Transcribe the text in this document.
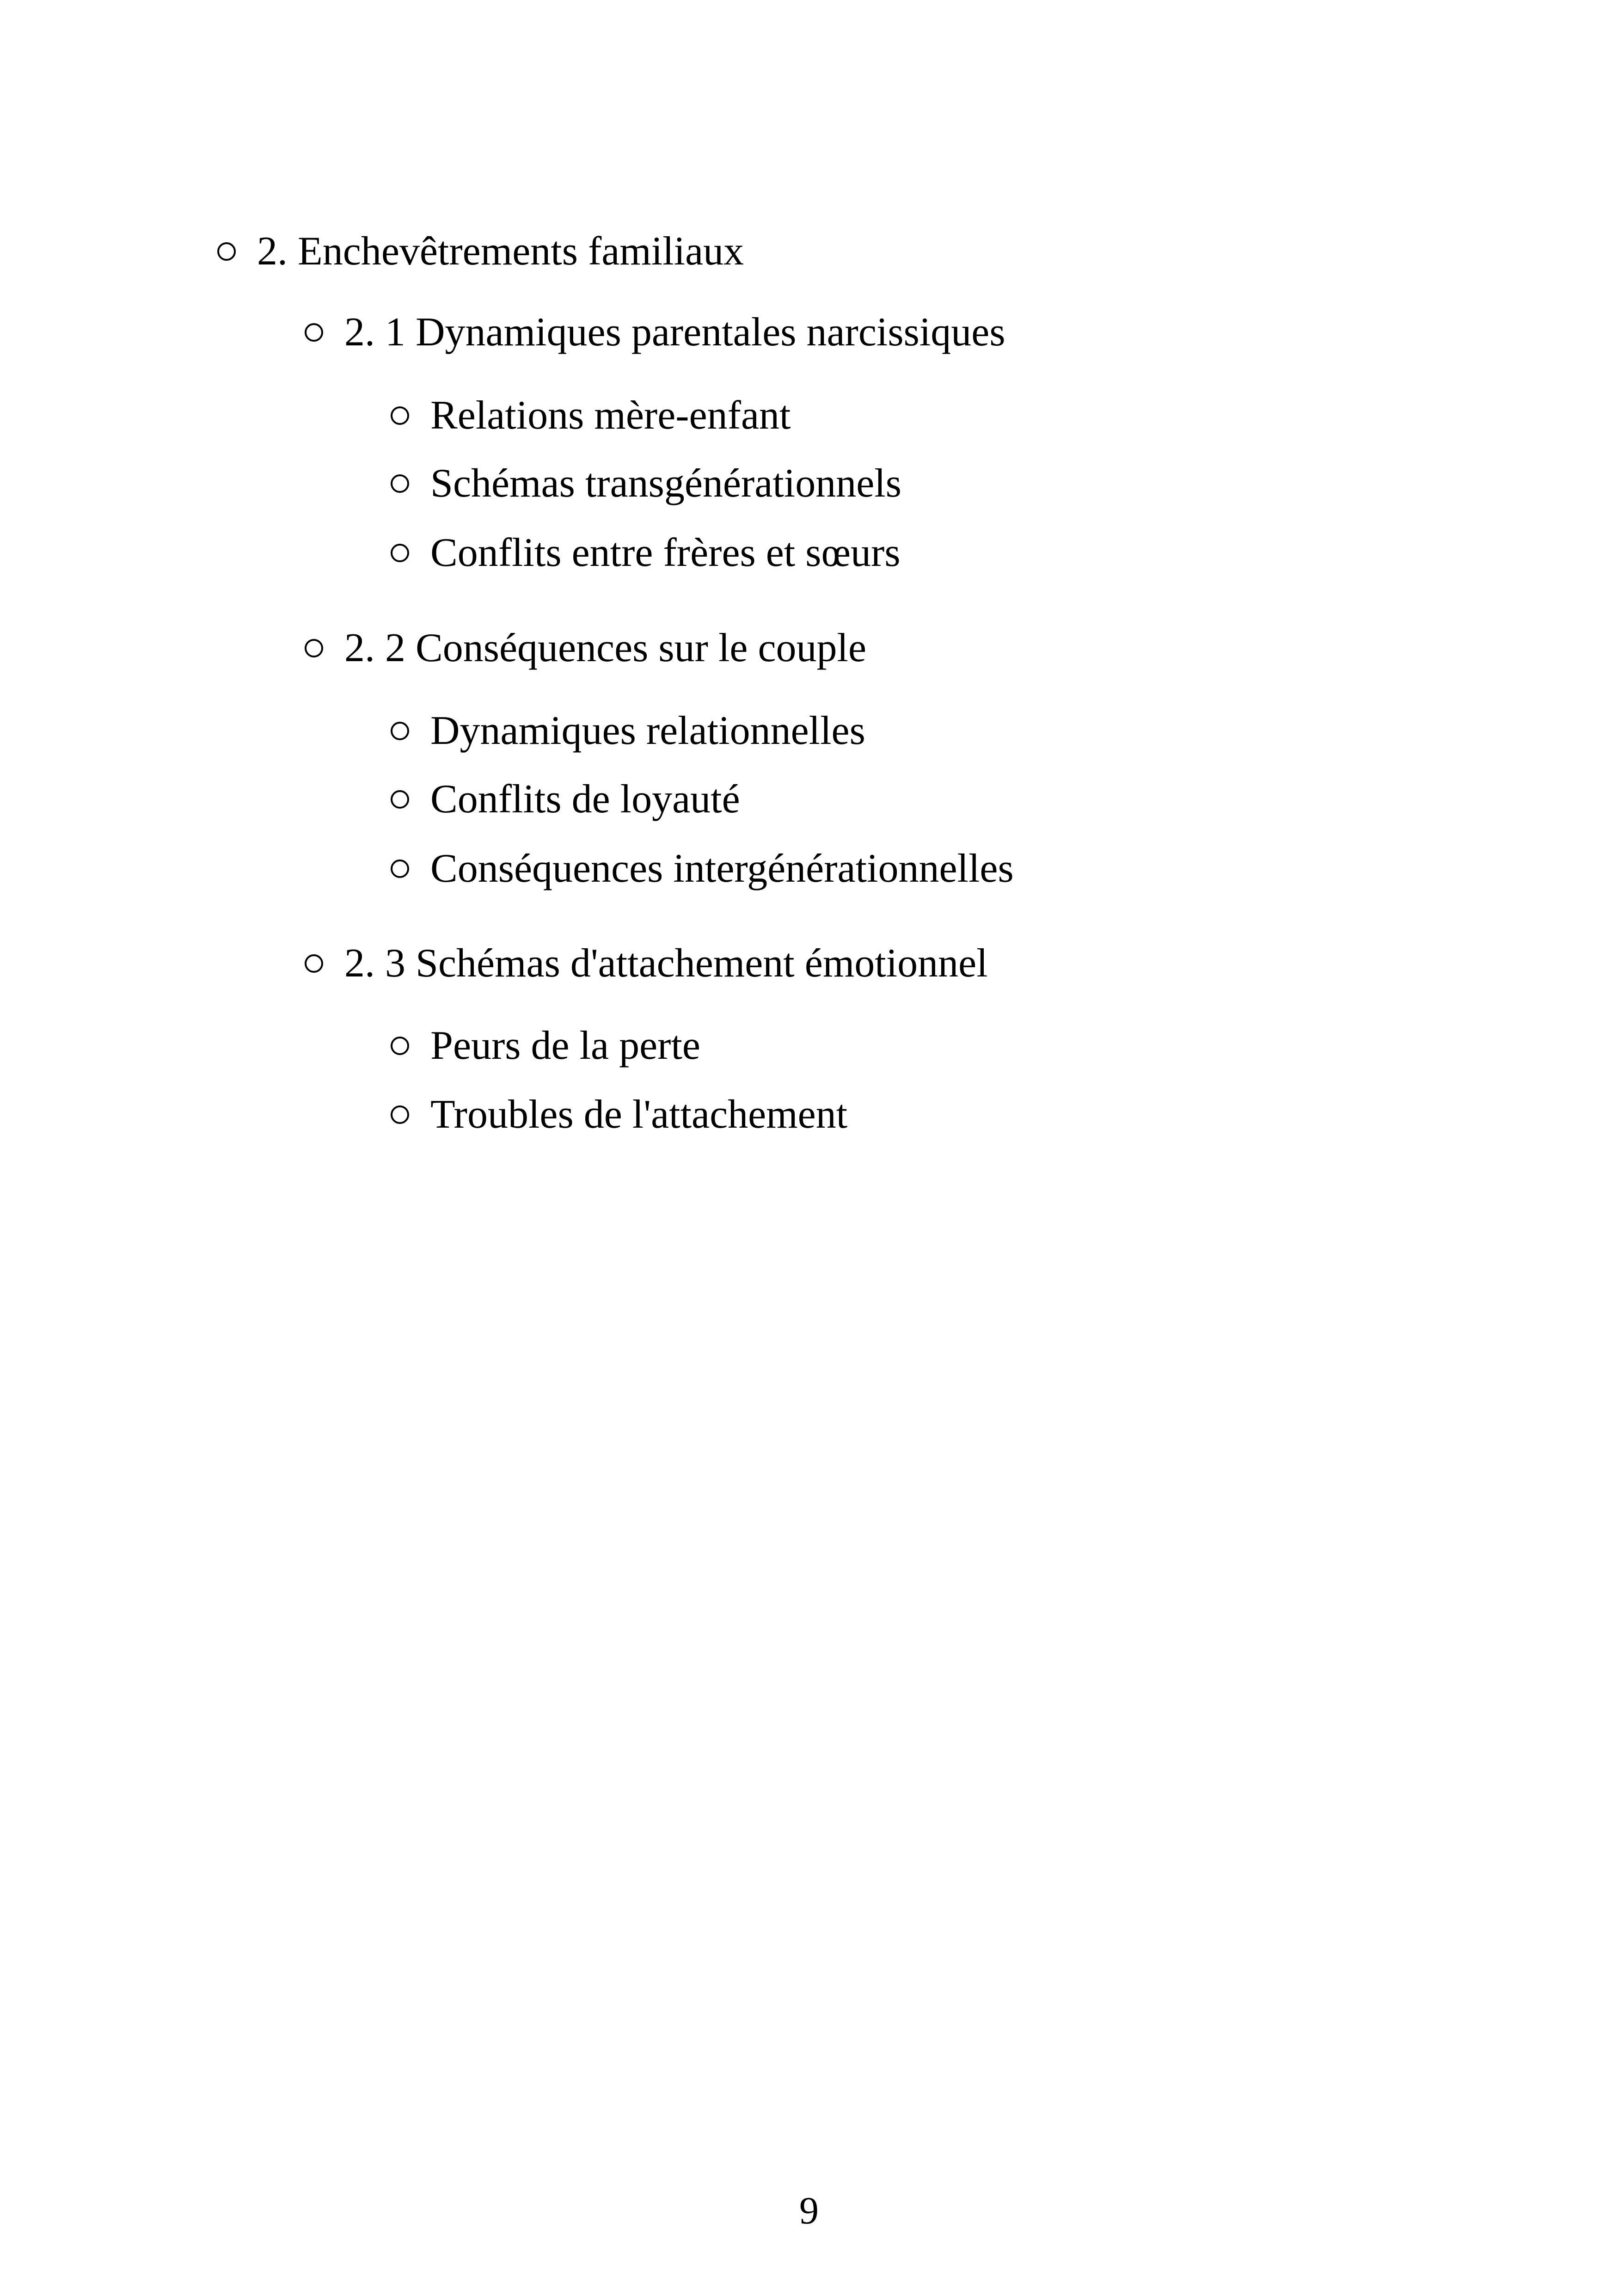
2. Enchevêtrements familiaux
2. 1 Dynamiques parentales narcissiques
Relations mère-enfant
Schémas transgénérationnels
Conflits entre frères et sœurs
2. 2 Conséquences sur le couple
Dynamiques relationnelles
Conflits de loyauté
Conséquences intergénérationnelles
2. 3 Schémas d'attachement émotionnel
Peurs de la perte
Troubles de l'attachement
9
